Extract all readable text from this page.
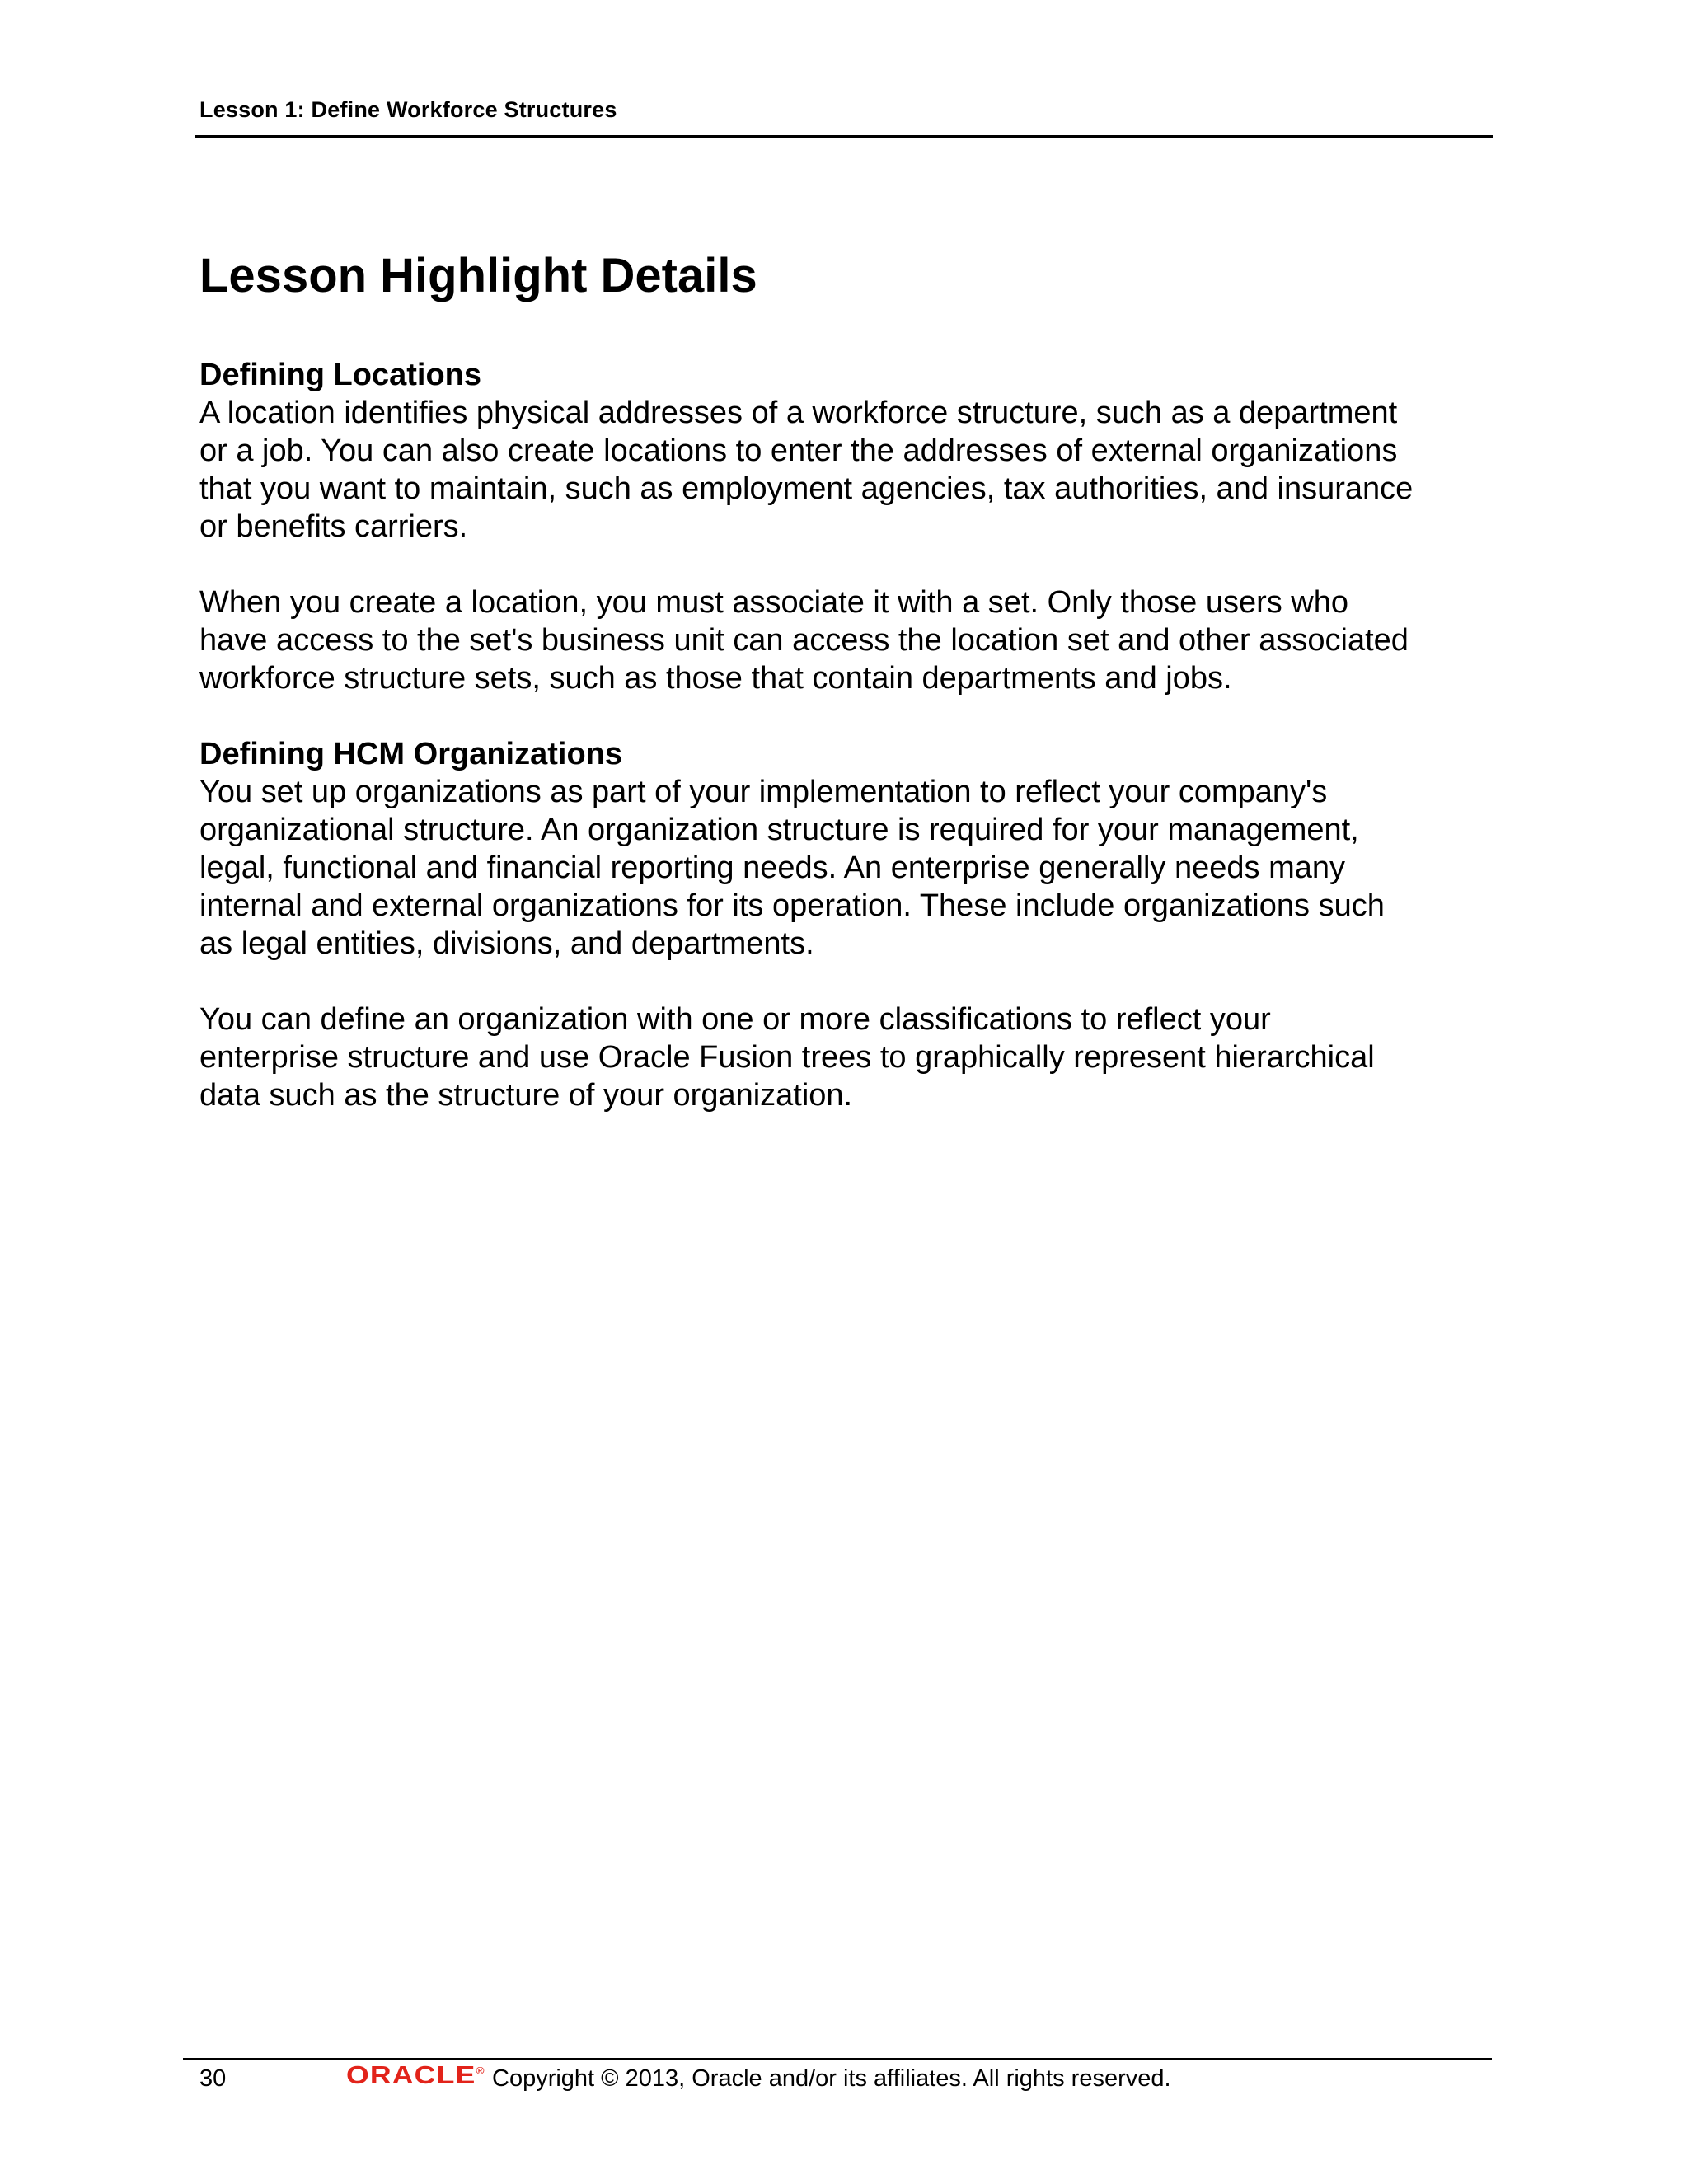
Lesson 1: Define Workforce Structures
Lesson Highlight Details
Defining Locations

A location identifies physical addresses of a workforce structure, such as a department
or a job. You can also create locations to enter the addresses of external organizations
that you want to maintain, such as employment agencies, tax authorities, and insurance
or benefits carriers.

When you create a location, you must associate it with a set. Only those users who
have access to the set's business unit can access the location set and other associated
workforce structure sets, such as those that contain departments and jobs.

Defining HCM Organizations

You set up organizations as part of your implementation to reflect your company's
organizational structure. An organization structure is required for your management,
legal, functional and financial reporting needs. An enterprise generally needs many
internal and external organizations for its operation. These include organizations such
as legal entities, divisions, and departments.

You can define an organization with one or more classifications to reflect your
enterprise structure and use Oracle Fusion trees to graphically represent hierarchical
data such as the structure of your organization.

30	ORACLE® Copyright © 2013, Oracle and/or its affiliates. All rights reserved.
